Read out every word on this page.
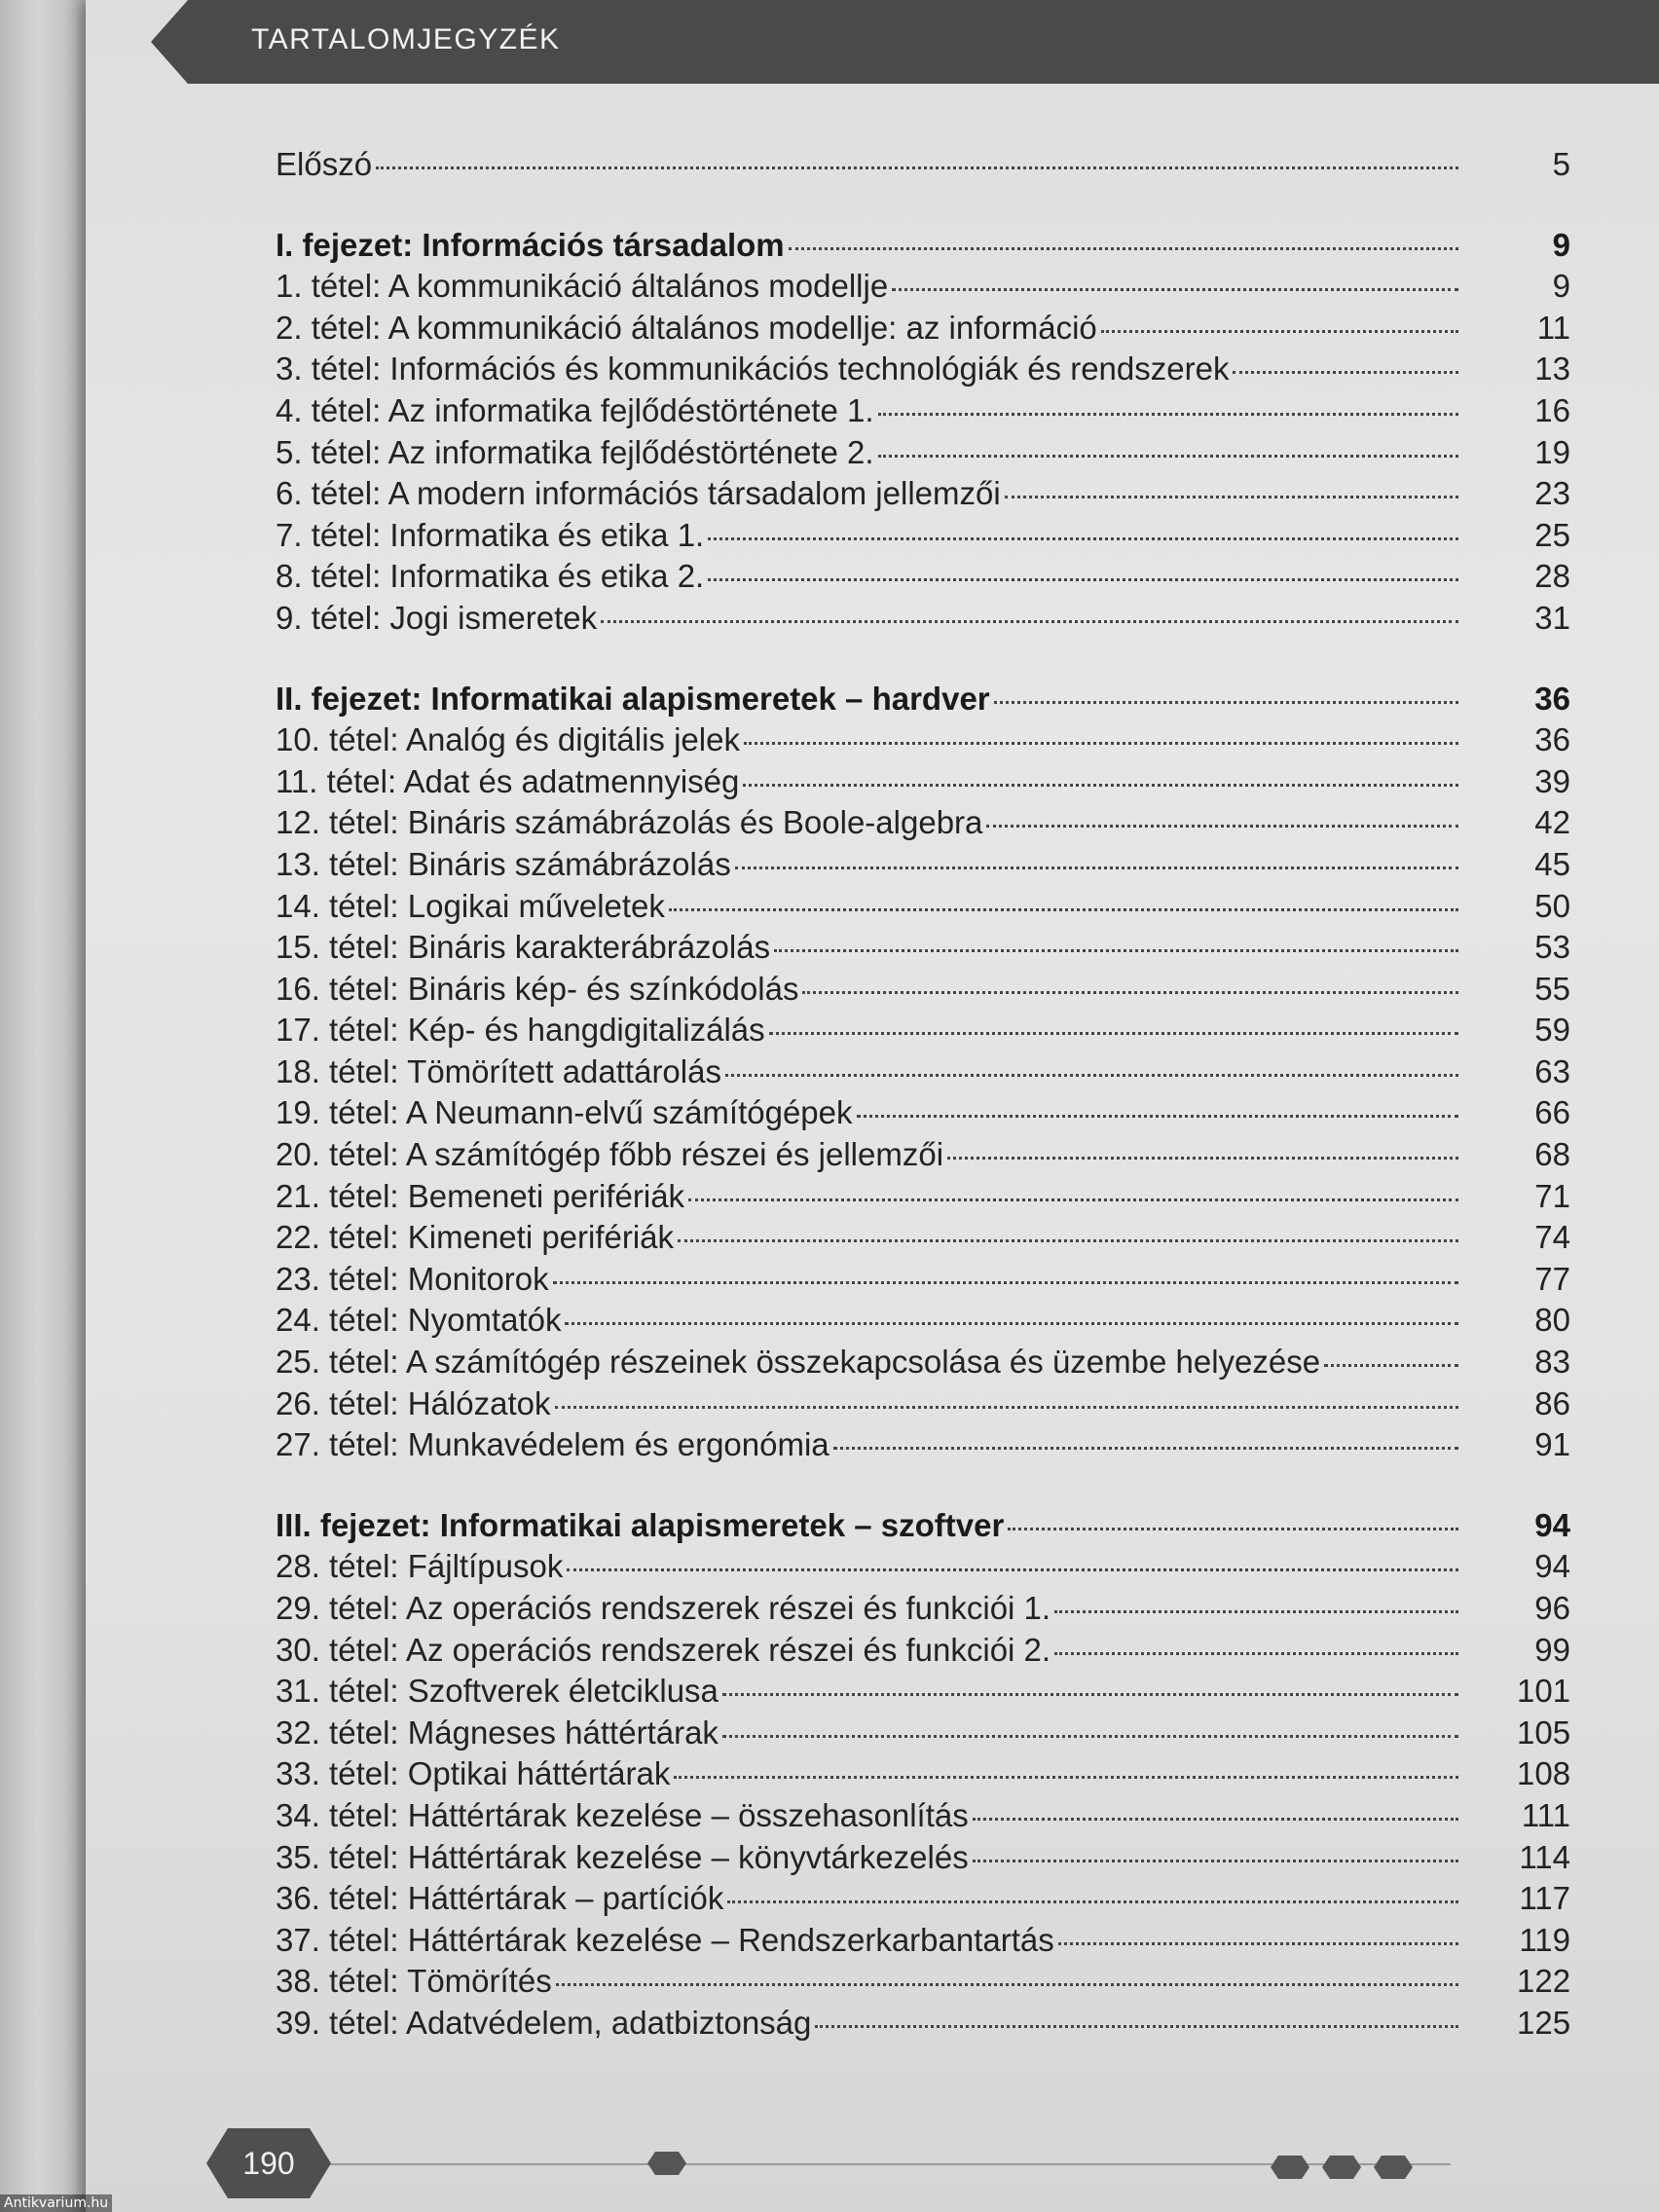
TARTALOMJEGYZÉK
Előszó	5
I. fejezet: Információs társadalom	9
1. tétel: A kommunikáció általános modellje	9
2. tétel: A kommunikáció általános modellje: az információ	11
3. tétel: Információs és kommunikációs technológiák és rendszerek	13
4. tétel: Az informatika fejlődéstörténete 1.	16
5. tétel: Az informatika fejlődéstörténete 2.	19
6. tétel: A modern információs társadalom jellemzői	23
7. tétel: Informatika és etika 1.	25
8. tétel: Informatika és etika 2.	28
9. tétel: Jogi ismeretek	31
II. fejezet: Informatikai alapismeretek – hardver	36
10. tétel: Analóg és digitális jelek	36
11. tétel: Adat és adatmennyiség	39
12. tétel: Bináris számábrázolás és Boole-algebra	42
13. tétel: Bináris számábrázolás	45
14. tétel: Logikai műveletek	50
15. tétel: Bináris karakterábrázolás	53
16. tétel: Bináris kép- és színkódolás	55
17. tétel: Kép- és hangdigitalizálás	59
18. tétel: Tömörített adattárolás	63
19. tétel: A Neumann-elvű számítógépek	66
20. tétel: A számítógép főbb részei és jellemzői	68
21. tétel: Bemeneti perifériák	71
22. tétel: Kimeneti perifériák	74
23. tétel: Monitorok	77
24. tétel: Nyomtatók	80
25. tétel: A számítógép részeinek összekapcsolása és üzembe helyezése	83
26. tétel: Hálózatok	86
27. tétel: Munkavédelem és ergonómia	91
III. fejezet: Informatikai alapismeretek – szoftver	94
28. tétel: Fájltípusok	94
29. tétel: Az operációs rendszerek részei és funkciói 1.	96
30. tétel: Az operációs rendszerek részei és funkciói 2.	99
31. tétel: Szoftverek életciklusa	101
32. tétel: Mágneses háttértárak	105
33. tétel: Optikai háttértárak	108
34. tétel: Háttértárak kezelése – összehasonlítás	111
35. tétel: Háttértárak kezelése – könyvtárkezelés	114
36. tétel: Háttértárak – partíciók	117
37. tétel: Háttértárak kezelése – Rendszerkarbantartás	119
38. tétel: Tömörítés	122
39. tétel: Adatvédelem, adatbiztonság	125
190
Antikvarium.hu
